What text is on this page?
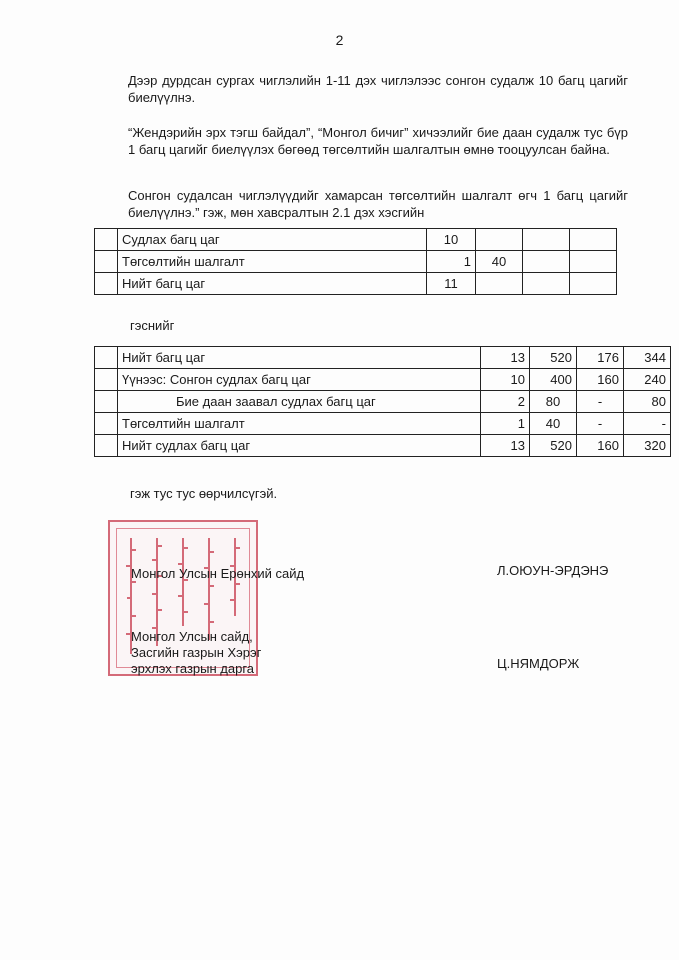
2
Дээр дурдсан сургах чиглэлийн 1-11 дэх чиглэлээс сонгон судалж 10 багц цагийг биелүүлнэ.
“Жендэрийн эрх тэгш байдал”, “Монгол бичиг” хичээлийг бие даан судалж тус бүр 1 багц цагийг биелүүлэх бөгөөд төгсөлтийн шалгалтын өмнө тооцуулсан байна.
Сонгон судалсан чиглэлүүдийг хамарсан төгсөлтийн шалгалт өгч 1 багц цагийг биелүүлнэ.” гэж, мөн хавсралтын 2.1 дэх хэсгийн
	Судлах багц цаг	10			
	Төгсөлтийн шалгалт	1	40		
	Нийт багц цаг	11			
гэснийг
	Нийт багц цаг	13	520	176	344
	Үүнээс: Сонгон судлах багц цаг	10	400	160	240
	Бие даан заавал судлах багц цаг	2	80	-	80
	Төгсөлтийн шалгалт	1	40	-	-
	Нийт судлах багц цаг	13	520	160	320
гэж тус тус өөрчилсүгэй.
Монгол Улсын Ерөнхий сайд	Л.ОЮУН-ЭРДЭНЭ
Монгол Улсын сайд,
Засгийн газрын Хэрэг
эрхлэх газрын дарга	Ц.НЯМДОРЖ
